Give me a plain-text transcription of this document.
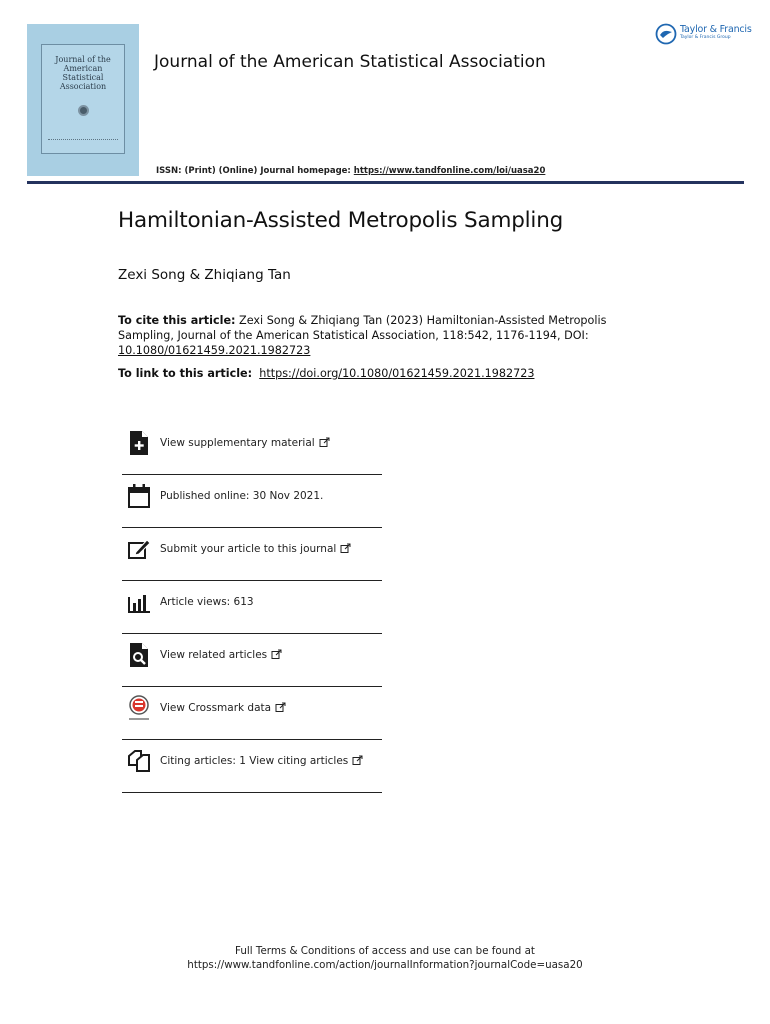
Journal of the
American
Statistical
Association
Journal of the American Statistical Association
Taylor & Francis
Taylor & Francis Group
ISSN: (Print) (Online) Journal homepage: https://www.tandfonline.com/loi/uasa20
Hamiltonian-Assisted Metropolis Sampling
Zexi Song & Zhiqiang Tan
To cite this article: Zexi Song & Zhiqiang Tan (2023) Hamiltonian-Assisted Metropolis Sampling, Journal of the American Statistical Association, 118:542, 1176-1194, DOI: 10.1080/01621459.2021.1982723
To link to this article: https://doi.org/10.1080/01621459.2021.1982723
View supplementary material
Published online: 30 Nov 2021.
Submit your article to this journal
Article views: 613
View related articles
View Crossmark data
Citing articles: 1 View citing articles
Full Terms & Conditions of access and use can be found at
https://www.tandfonline.com/action/journalInformation?journalCode=uasa20
